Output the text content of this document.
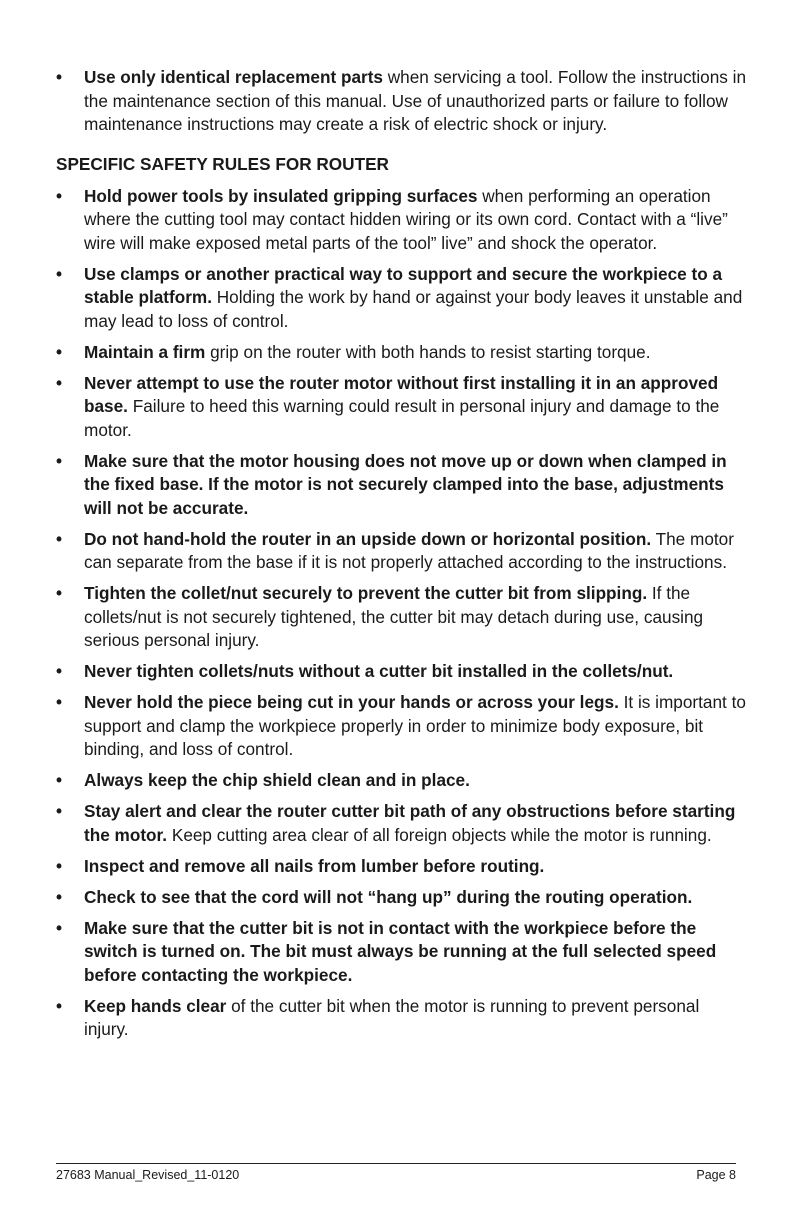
• Use only identical replacement parts when servicing a tool. Follow the instructions in the maintenance section of this manual. Use of unauthorized parts or failure to follow maintenance instructions may create a risk of electric shock or injury.
SPECIFIC SAFETY RULES FOR ROUTER
• Hold power tools by insulated gripping surfaces when performing an operation where the cutting tool may contact hidden wiring or its own cord. Contact with a “live” wire will make exposed metal parts of the tool” live” and shock the operator.
• Use clamps or another practical way to support and secure the workpiece to a stable platform. Holding the work by hand or against your body leaves it unstable and may lead to loss of control.
• Maintain a firm grip on the router with both hands to resist starting torque.
• Never attempt to use the router motor without first installing it in an approved base. Failure to heed this warning could result in personal injury and damage to the motor.
• Make sure that the motor housing does not move up or down when clamped in the fixed base. If the motor is not securely clamped into the base, adjustments will not be accurate.
• Do not hand-hold the router in an upside down or horizontal position. The motor can separate from the base if it is not properly attached according to the instructions.
• Tighten the collet/nut securely to prevent the cutter bit from slipping. If the collets/nut is not securely tightened, the cutter bit may detach during use, causing serious personal injury.
• Never tighten collets/nuts without a cutter bit installed in the collets/nut.
• Never hold the piece being cut in your hands or across your legs. It is important to support and clamp the workpiece properly in order to minimize body exposure, bit binding, and loss of control.
• Always keep the chip shield clean and in place.
• Stay alert and clear the router cutter bit path of any obstructions before starting the motor. Keep cutting area clear of all foreign objects while the motor is running.
• Inspect and remove all nails from lumber before routing.
• Check to see that the cord will not “hang up” during the routing operation.
• Make sure that the cutter bit is not in contact with the workpiece before the switch is turned on. The bit must always be running at the full selected speed before contacting the workpiece.
• Keep hands clear of the cutter bit when the motor is running to prevent personal injury.
27683 Manual_Revised_11-0120	Page 8
